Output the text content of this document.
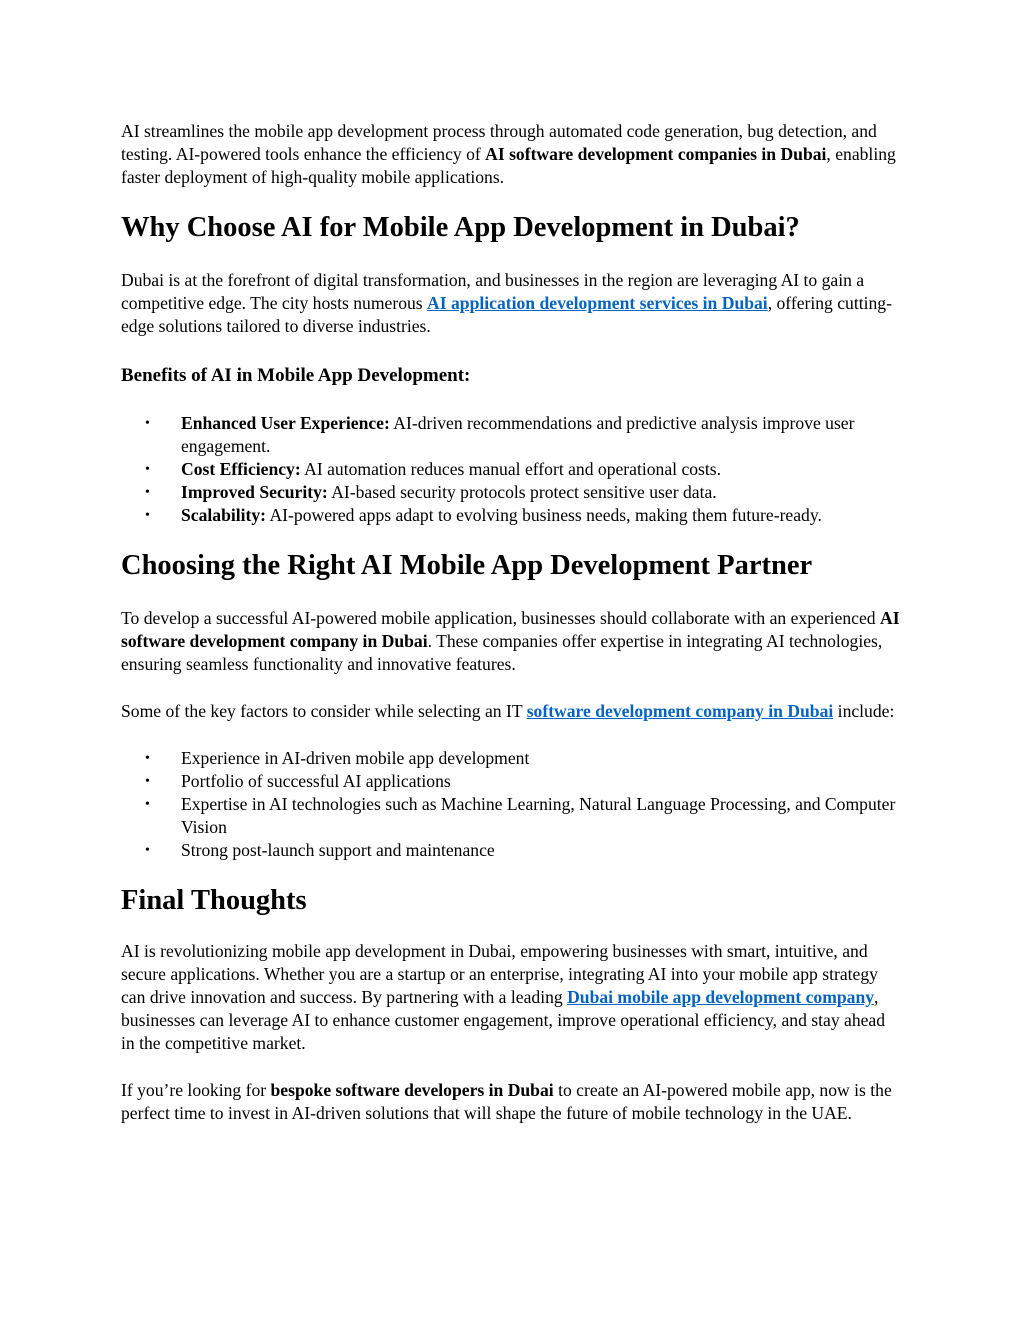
AI streamlines the mobile app development process through automated code generation, bug detection, and testing. AI-powered tools enhance the efficiency of AI software development companies in Dubai, enabling faster deployment of high-quality mobile applications.

Why Choose AI for Mobile App Development in Dubai?

Dubai is at the forefront of digital transformation, and businesses in the region are leveraging AI to gain a competitive edge. The city hosts numerous AI application development services in Dubai, offering cutting-edge solutions tailored to diverse industries.

Benefits of AI in Mobile App Development:
• Enhanced User Experience: AI-driven recommendations and predictive analysis improve user engagement.
• Cost Efficiency: AI automation reduces manual effort and operational costs.
• Improved Security: AI-based security protocols protect sensitive user data.
• Scalability: AI-powered apps adapt to evolving business needs, making them future-ready.
Choosing the Right AI Mobile App Development Partner

To develop a successful AI-powered mobile application, businesses should collaborate with an experienced AI software development company in Dubai. These companies offer expertise in integrating AI technologies, ensuring seamless functionality and innovative features.

Some of the key factors to consider while selecting an IT software development company in Dubai include:

• Experience in AI-driven mobile app development
• Portfolio of successful AI applications
• Expertise in AI technologies such as Machine Learning, Natural Language Processing, and Computer Vision
• Strong post-launch support and maintenance
Final Thoughts

AI is revolutionizing mobile app development in Dubai, empowering businesses with smart, intuitive, and secure applications. Whether you are a startup or an enterprise, integrating AI into your mobile app strategy can drive innovation and success. By partnering with a leading Dubai mobile app development company, businesses can leverage AI to enhance customer engagement, improve operational efficiency, and stay ahead in the competitive market.

If you’re looking for bespoke software developers in Dubai to create an AI-powered mobile app, now is the perfect time to invest in AI-driven solutions that will shape the future of mobile technology in the UAE.
